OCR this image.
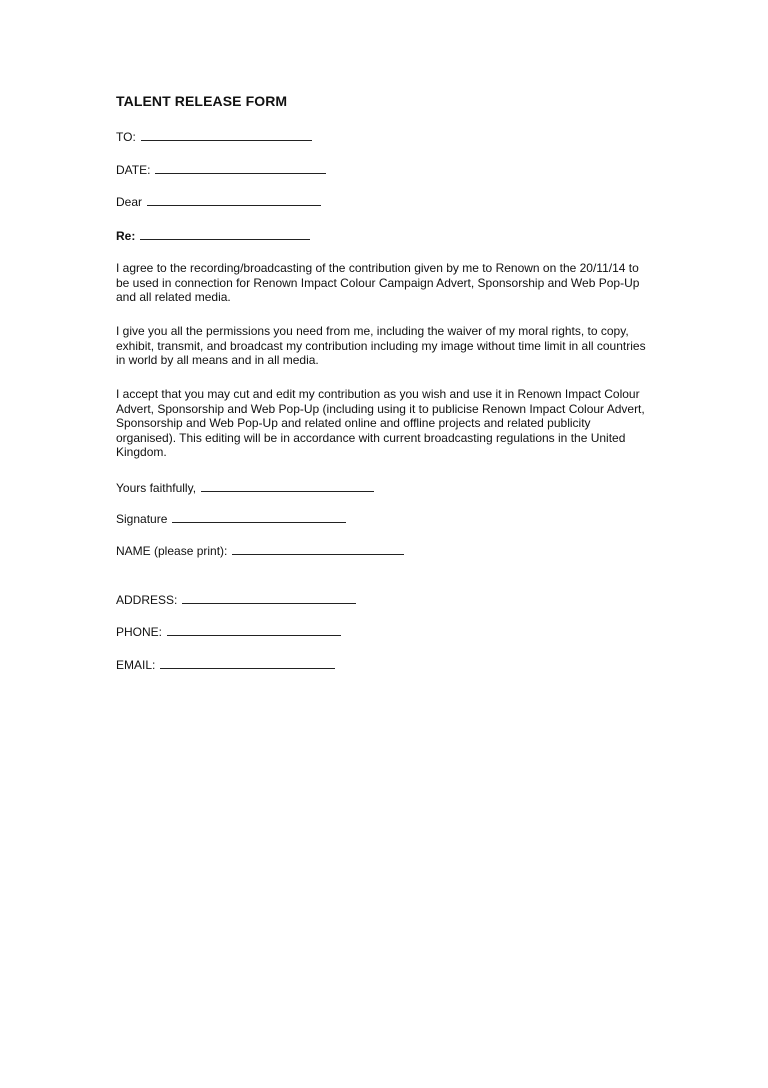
TALENT RELEASE FORM
TO:
DATE:
Dear
Re:

I agree to the recording/broadcasting of the contribution given by me to Renown on the 20/11/14 to be used in connection for Renown Impact Colour Campaign Advert, Sponsorship and Web Pop-Up and all related media.

I give you all the permissions you need from me, including the waiver of my moral rights, to copy, exhibit, transmit, and broadcast my contribution including my image without time limit in all countries in world by all means and in all media.

I accept that you may cut and edit my contribution as you wish and use it in Renown Impact Colour Advert, Sponsorship and Web Pop-Up (including using it to publicise Renown Impact Colour Advert, Sponsorship and Web Pop-Up and related online and offline projects and related publicity organised). This editing will be in accordance with current broadcasting regulations in the United Kingdom.

Yours faithfully,
Signature
NAME (please print):
ADDRESS:
PHONE:
EMAIL:
